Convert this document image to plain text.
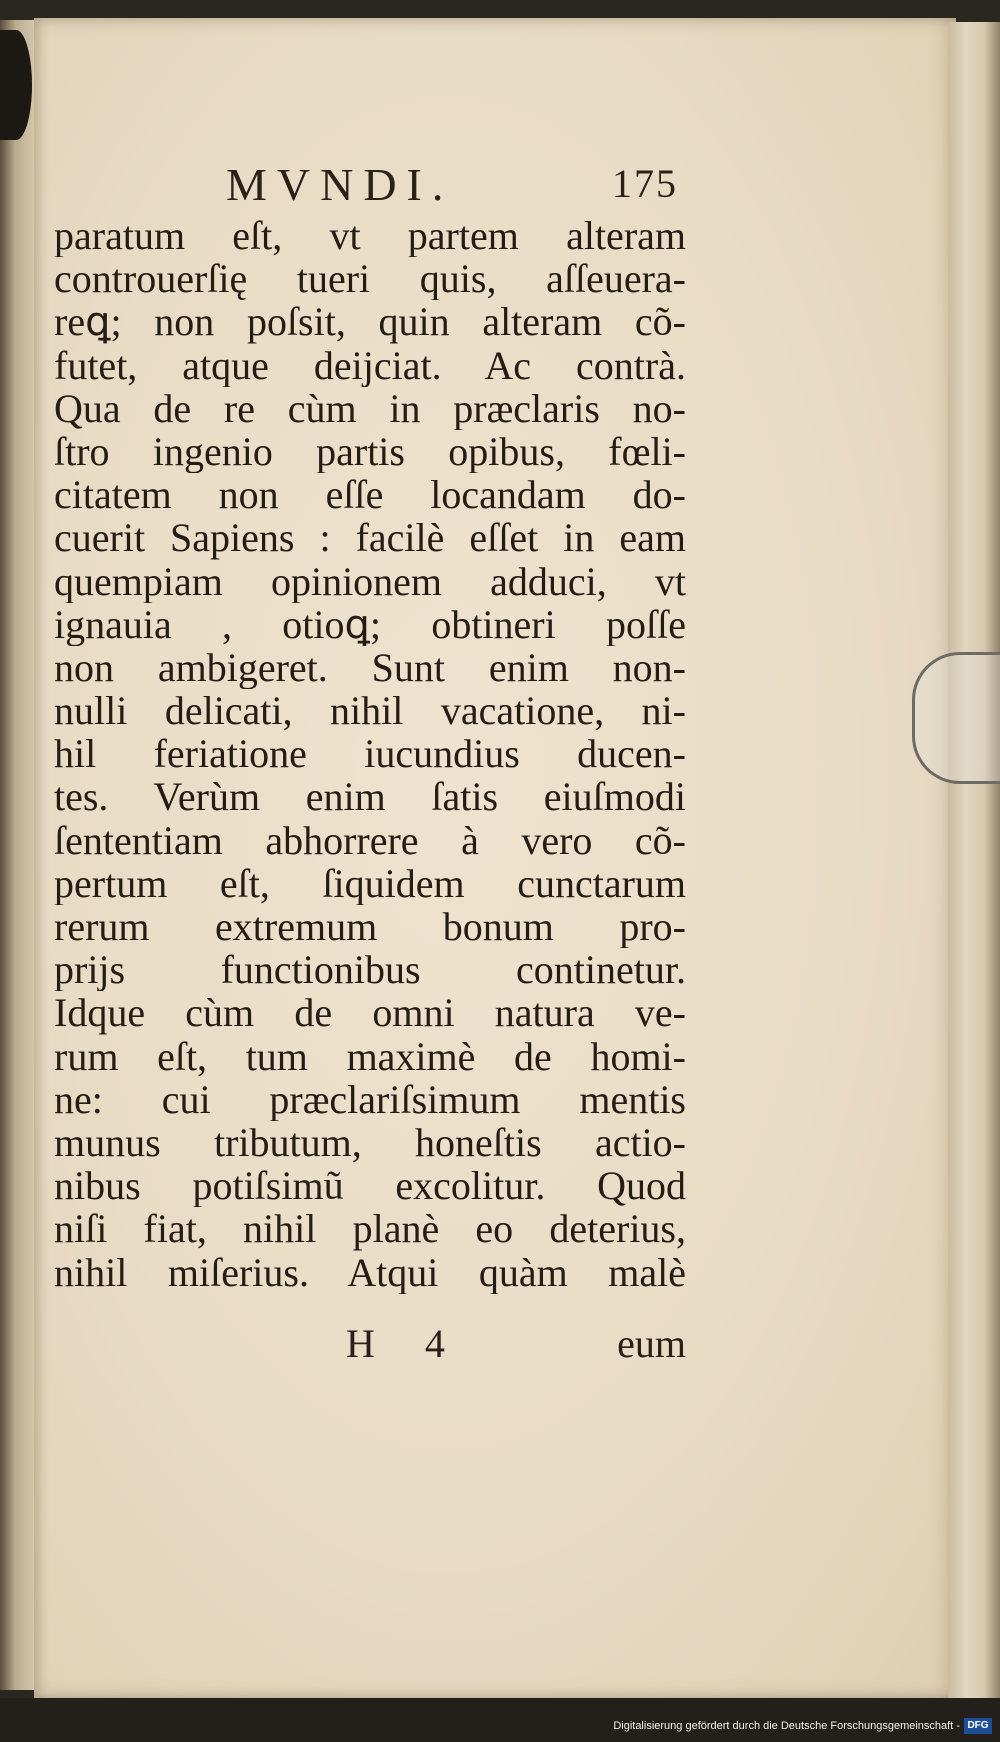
MVNDI.	175
paratum eſt, vt partem alteram
controuerſię tueri quis, aſſeuera-
reꝗ; non poſsit, quin alteram cõ-
futet, atque deijciat. Ac contrà.
Qua de re cùm in præclaris no-
ſtro ingenio partis opibus, fœli-
citatem non eſſe locandam do-
cuerit Sapiens : facilè eſſet in eam
quempiam opinionem adduci, vt
ignauia , otioꝗ; obtineri poſſe
non ambigeret. Sunt enim non-
nulli delicati, nihil vacatione, ni-
hil feriatione iucundius ducen-
tes. Verùm enim ſatis eiuſmodi
ſententiam abhorrere à vero cõ-
pertum eſt, ſiquidem cunctarum
rerum extremum bonum pro-
prijs functionibus continetur.
Idque cùm de omni natura ve-
rum eſt, tum maximè de homi-
ne: cui præclariſsimum mentis
munus tributum, honeſtis actio-
nibus potiſsimũ excolitur. Quod
niſi fiat, nihil planè eo deterius,
nihil miſerius. Atqui quàm malè
H 4	eum
Digitalisierung gefördert durch die Deutsche Forschungsgemeinschaft - DFG
